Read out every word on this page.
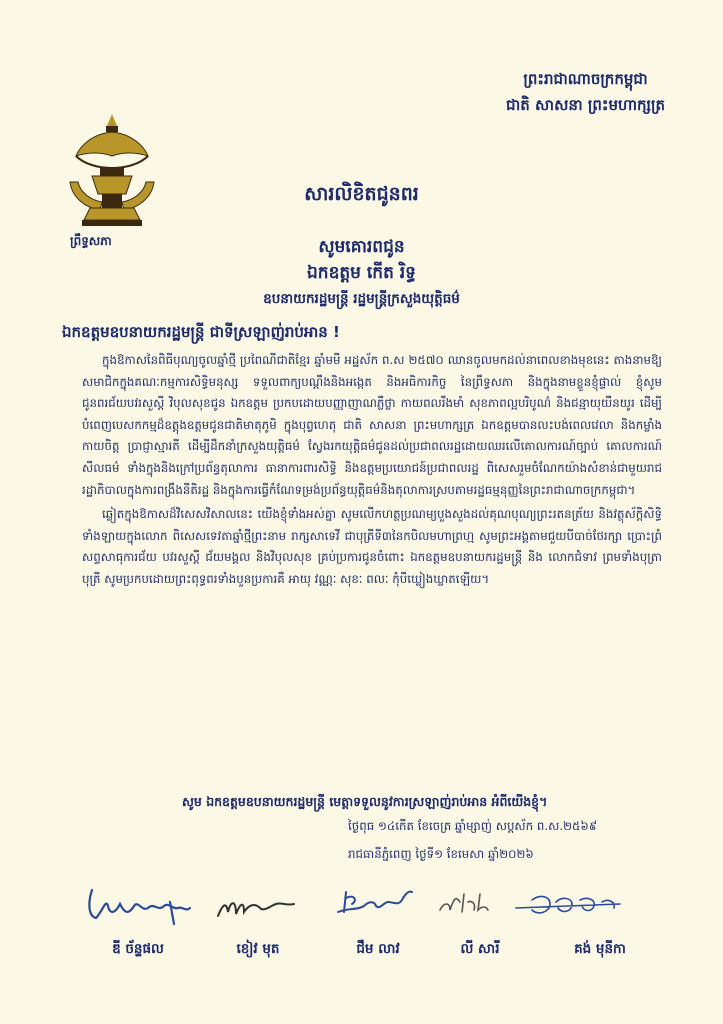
ព្រះរាជាណាចក្រកម្ពុជា
ជាតិ សាសនា ព្រះមហាក្សត្រ
ព្រឹទ្ធសភា
សារលិខិតជូនពរ
សូមគោរពជូន
ឯកឧត្តម កើត រិទ្ធ
ឧបនាយករដ្ឋមន្ត្រី រដ្ឋមន្ត្រីក្រសួងយុត្តិធម៌
ឯកឧត្តមឧបនាយករដ្ឋមន្ត្រី ជាទីស្រឡាញ់រាប់អាន !

ក្នុងឱកាសនៃពិធីបុណ្យចូលឆ្នាំថ្មី ប្រពៃណីជាតិខ្មែរ ឆ្នាំមមី អដ្ឋស័ក ព.ស ២៥៧០ ឈានចូលមកដល់នាពេលខាងមុខនេះ តាងនាមឱ្យសមាជិកក្នុងគណៈកម្មការសិទ្ធិមនុស្ស ទទួលពាក្យបណ្តឹងនិងអង្កេត និងអធិការកិច្ច នៃព្រឹទ្ធសភា និងក្នុងនាមខ្លួនខ្ញុំផ្ទាល់ ខ្ញុំសូមជូនពរជ័យបវរសួស្តី វិបុលសុខជូន ឯកឧត្តម ប្រកបដោយបញ្ញាញាណភ្លឺថ្លា កាយពលរឹងមាំ សុខភាពល្អបរិបូណ៌ និងជន្មាយុយឺនយូរ ដើម្បីបំពេញបេសកកម្មដ៏ឧត្តុងឧត្តមជូនជាតិមាតុភូមិ ក្នុងបុព្វហេតុ ជាតិ សាសនា ព្រះមហាក្សត្រ ឯកឧត្តមបានលះបង់ពេលវេលា និងកម្លាំងកាយចិត្ត ប្រាជ្ញាស្មារតី ដើម្បីដឹកនាំក្រសួងយុត្តិធម៌ ស្វែងរកយុត្តិធម៌ជូនដល់ប្រជាពលរដ្ឋដោយឈរលើគោលការណ៍ច្បាប់ គោលការណ៍សីលធម៌ ទាំងក្នុងនិងក្រៅប្រព័ន្ធតុលាការ ធានាការពារសិទ្ធិ និងឧត្តមប្រយោជន៍ប្រជាពលរដ្ឋ ពិសេសរួមចំណែកយ៉ាងសំខាន់ជាមួយរាជរដ្ឋាភិបាលក្នុងការពង្រឹងនីតិរដ្ឋ និងក្នុងការធ្វើកំណែទម្រង់ប្រព័ន្ធយុត្តិធម៌និងតុលាការស្របតាមរដ្ឋធម្មនុញ្ញនៃព្រះរាជាណាចក្រកម្ពុជា។

ឆ្លៀតក្នុងឱកាសដ៏វិសេសវិសាលនេះ យើងខ្ញុំទាំងអស់គ្នា សូមលើកហត្ថប្រណម្យបួងសួងដល់គុណបុណ្យព្រះរតនត្រ័យ និងវត្ថុស័ក្តិសិទ្ធិទាំងឡាយក្នុងលោក ពិសេសទេវតាឆ្នាំថ្មីព្រះនាម រាក្សសាទេវី ជាបុត្រីទី៣នៃកបិលមហាព្រហ្ម សូមព្រះអង្គតាមជួយបីបាច់ថែរក្សា ប្រោះព្រំសព្ទសាធុការជ័យ បវរសួស្តី ជ័យមង្គល និងវិបុលសុខ គ្រប់ប្រការជូនចំពោះ ឯកឧត្តមឧបនាយករដ្ឋមន្ត្រី និង លោកជំទាវ ព្រមទាំងបុត្រា បុត្រី សូមប្រកបដោយព្រះពុទ្ធពរទាំងបួនប្រការគឺ អាយុ វណ្ណៈ សុខៈ ពលៈ កុំបីឃ្លៀងឃ្លាតឡើយ។

សូម ឯកឧត្តមឧបនាយករដ្ឋមន្ត្រី មេត្តាទទួលនូវការស្រឡាញ់រាប់អាន អំពីយើងខ្ញុំ។
ថ្ងៃពុធ ១៤កើត ខែចេត្រ ឆ្នាំម្សាញ់ សប្តស័ក ព.ស.២៥៦៩
រាជធានីភ្នំពេញ ថ្ងៃទី១ ខែមេសា ឆ្នាំ២០២៦
ឌី ច័ន្ទផល	ខៀវ មុត	ជឹម លាវ	លី សារី	គង់ មុនីកា
